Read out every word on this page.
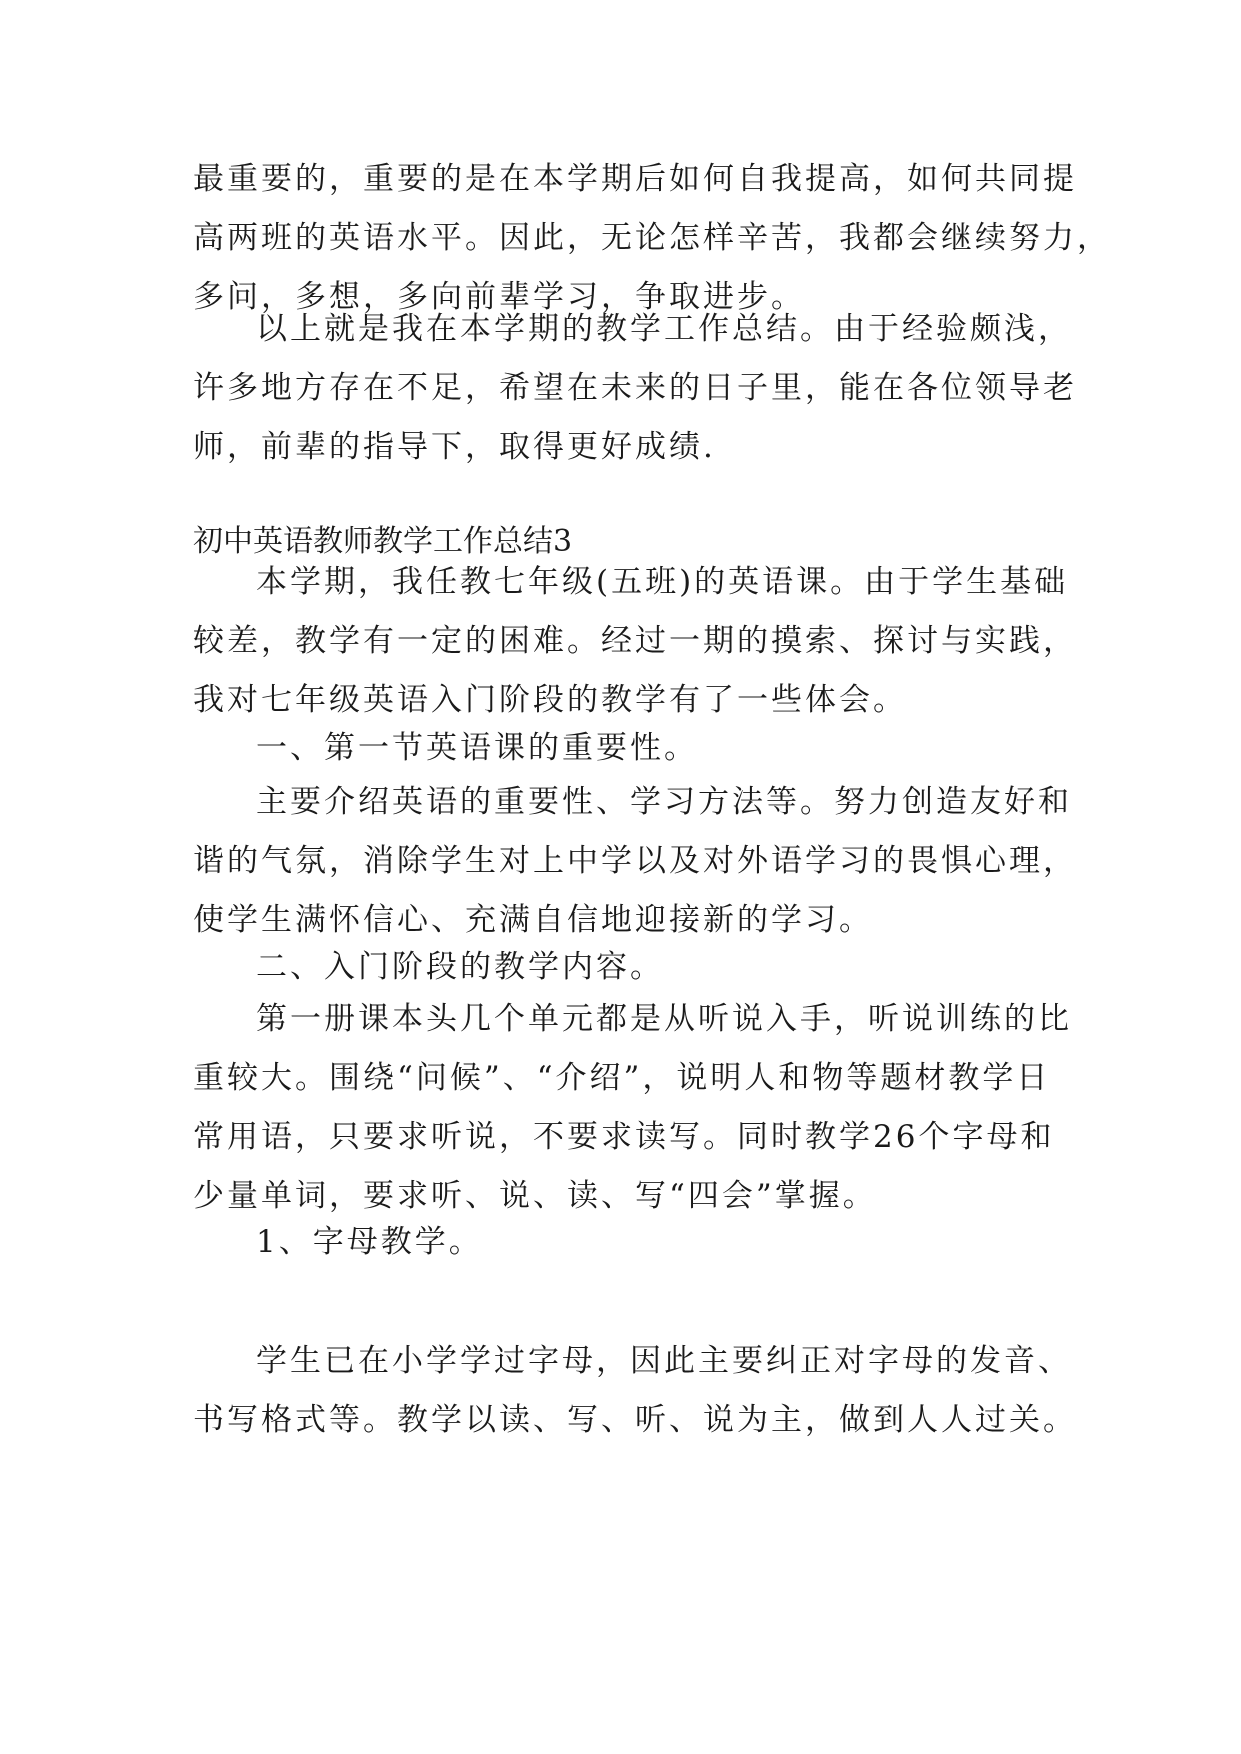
最重要的，重要的是在本学期后如何自我提高，如何共同提
高两班的英语水平。因此，无论怎样辛苦，我都会继续努力，
多问，多想，多向前辈学习，争取进步。
以上就是我在本学期的教学工作总结。由于经验颇浅，
许多地方存在不足，希望在未来的日子里，能在各位领导老
师，前辈的指导下，取得更好成绩.
初中英语教师教学工作总结3
本学期，我任教七年级(五班)的英语课。由于学生基础
较差，教学有一定的困难。经过一期的摸索、探讨与实践，
我对七年级英语入门阶段的教学有了一些体会。
一、第一节英语课的重要性。
主要介绍英语的重要性、学习方法等。努力创造友好和
谐的气氛，消除学生对上中学以及对外语学习的畏惧心理，
使学生满怀信心、充满自信地迎接新的学习。
二、入门阶段的教学内容。
第一册课本头几个单元都是从听说入手，听说训练的比
重较大。围绕“问候”、“介绍”，说明人和物等题材教学日
常用语，只要求听说，不要求读写。同时教学26个字母和
少量单词，要求听、说、读、写“四会”掌握。
1、字母教学。
学生已在小学学过字母，因此主要纠正对字母的发音、
书写格式等。教学以读、写、听、说为主，做到人人过关。
